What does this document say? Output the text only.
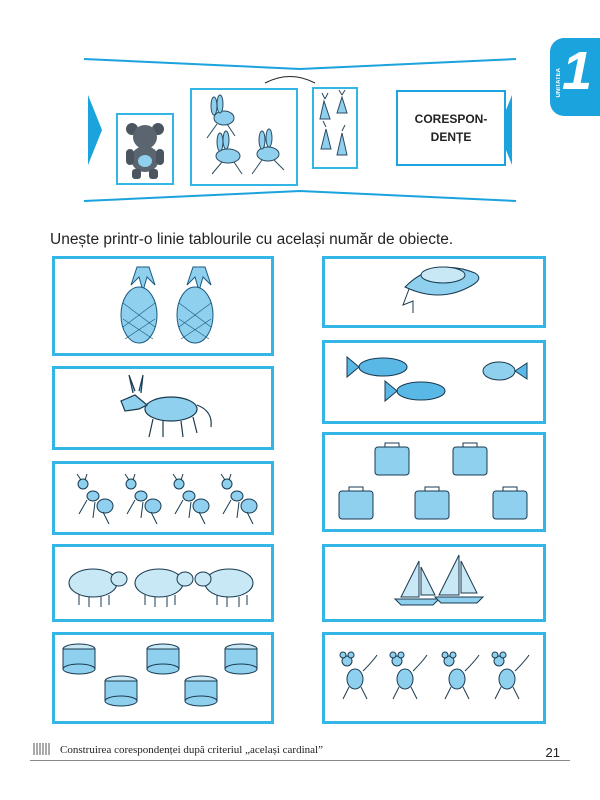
CORESPON-
DENȚE
1
UNITATEA
Unește printr-o linie tablourile cu același număr de obiecte.
Construirea corespondenței după criteriul „același cardinal”	21
